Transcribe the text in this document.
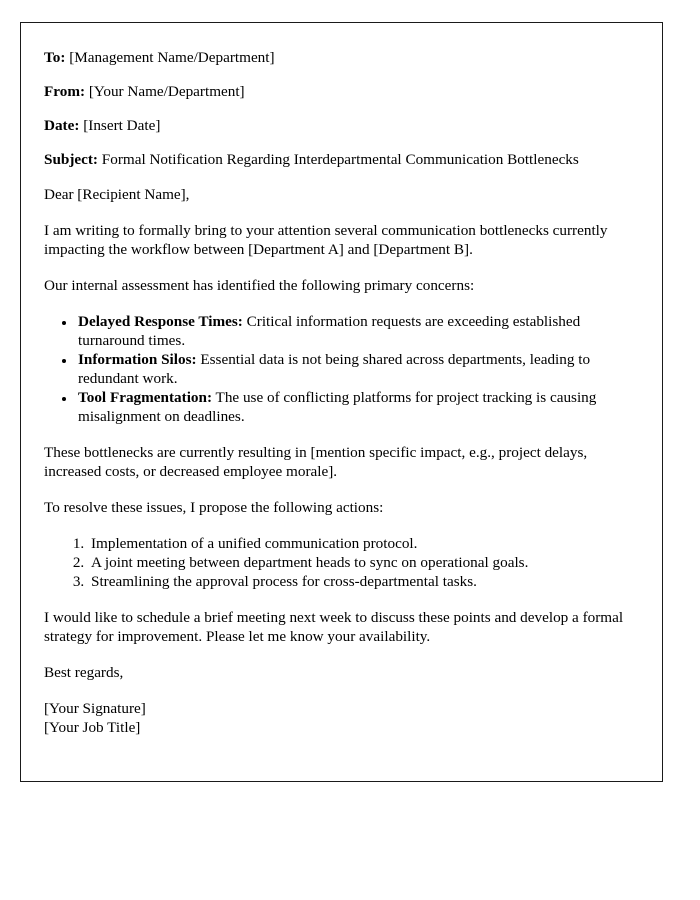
To: [Management Name/Department]

From: [Your Name/Department]

Date: [Insert Date]

Subject: Formal Notification Regarding Interdepartmental Communication Bottlenecks

Dear [Recipient Name],

I am writing to formally bring to your attention several communication bottlenecks currently impacting the workflow between [Department A] and [Department B].

Our internal assessment has identified the following primary concerns:

• Delayed Response Times: Critical information requests are exceeding established turnaround times.
• Information Silos: Essential data is not being shared across departments, leading to redundant work.
• Tool Fragmentation: The use of conflicting platforms for project tracking is causing misalignment on deadlines.

These bottlenecks are currently resulting in [mention specific impact, e.g., project delays, increased costs, or decreased employee morale].

To resolve these issues, I propose the following actions:

1. Implementation of a unified communication protocol.
2. A joint meeting between department heads to sync on operational goals.
3. Streamlining the approval process for cross-departmental tasks.

I would like to schedule a brief meeting next week to discuss these points and develop a formal strategy for improvement. Please let me know your availability.

Best regards,

[Your Signature]
[Your Job Title]
